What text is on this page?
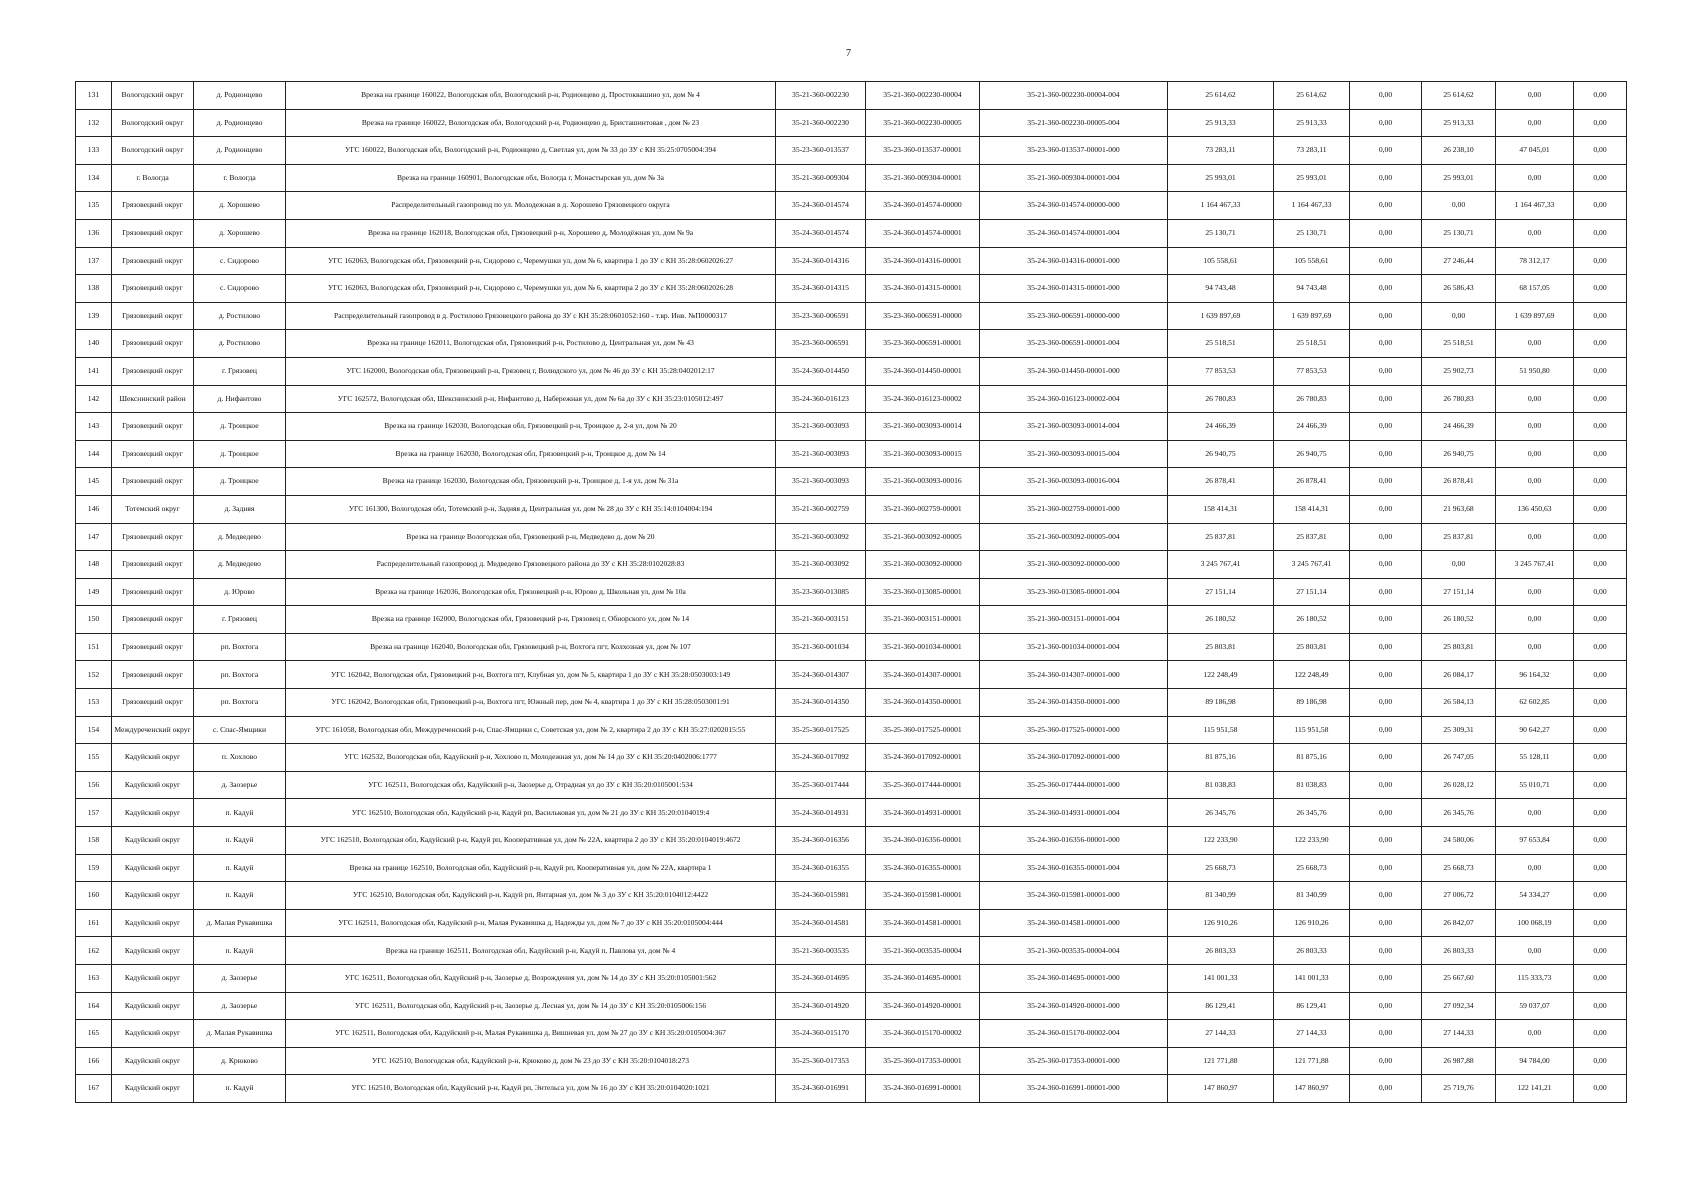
7
131	Вологодский округ	д. Родионцево	Врезка на границе 160022, Вологодская обл, Вологодский р-н, Родионцево д, Простоквашино ул, дом № 4	35-21-360-002230	35-21-360-002230-00004	35-21-360-002230-00004-004	25 614,62	25 614,62	0,00	25 614,62	0,00	0,00
132	Вологодский округ	д. Родионцево	Врезка на границе 160022, Вологодская обл, Вологодский р-н, Родионцево д, Бристашинтовая , дом № 23	35-21-360-002230	35-21-360-002230-00005	35-21-360-002230-00005-004	25 913,33	25 913,33	0,00	25 913,33	0,00	0,00
133	Вологодский округ	д. Родионцево	УГС 160022, Вологодская обл, Вологодский р-н, Родионцево д, Светлая ул, дом № 33 до ЗУ с КН 35:25:0705004:394	35-23-360-013537	35-23-360-013537-00001	35-23-360-013537-00001-000	73 283,11	73 283,11	0,00	26 238,10	47 045,01	0,00
134	г. Вологда	г. Вологда	Врезка на границе 160901, Вологодская обл, Вологда г, Монастырская ул, дом № 3а	35-21-360-009304	35-21-360-009304-00001	35-21-360-009304-00001-004	25 993,01	25 993,01	0,00	25 993,01	0,00	0,00
135	Грязовецкий округ	д. Хорошево	Распределительный газопровод по ул. Молодежная в д. Хорошево Грязовецкого округа	35-24-360-014574	35-24-360-014574-00000	35-24-360-014574-00000-000	1 164 467,33	1 164 467,33	0,00	0,00	1 164 467,33	0,00
136	Грязовецкий округ	д. Хорошево	Врезка на границе 162018, Вологодская обл, Грязовецкий р-н, Хорошево д, Молодёжная ул, дом № 9а	35-24-360-014574	35-24-360-014574-00001	35-24-360-014574-00001-004	25 130,71	25 130,71	0,00	25 130,71	0,00	0,00
137	Грязовецкий округ	с. Сидорово	УГС 162063, Вологодская обл, Грязовецкий р-н, Сидорово с, Черемушки ул, дом № 6, квартира 1 до ЗУ с КН 35:28:0602026:27	35-24-360-014316	35-24-360-014316-00001	35-24-360-014316-00001-000	105 558,61	105 558,61	0,00	27 246,44	78 312,17	0,00
138	Грязовецкий округ	с. Сидорово	УГС 162063, Вологодская обл, Грязовецкий р-н, Сидорово с, Черемушки ул, дом № 6, квартира 2 до ЗУ с КН 35:28:0602026:28	35-24-360-014315	35-24-360-014315-00001	35-24-360-014315-00001-000	94 743,48	94 743,48	0,00	26 586,43	68 157,05	0,00
139	Грязовецкий округ	д. Ростилово	Распределительный газопровод в д. Ростилово Грязовецкого района до ЗУ с КН 35:28:0601052:160 - т.вр. Инв. №П0000317	35-23-360-006591	35-23-360-006591-00000	35-23-360-006591-00000-000	1 639 897,69	1 639 897,69	0,00	0,00	1 639 897,69	0,00
140	Грязовецкий округ	д. Ростилово	Врезка на границе 162011, Вологодская обл, Грязовецкий р-н, Ростилово д, Центральная ул, дом № 43	35-23-360-006591	35-23-360-006591-00001	35-23-360-006591-00001-004	25 518,51	25 518,51	0,00	25 518,51	0,00	0,00
141	Грязовецкий округ	г. Грязовец	УГС 162000, Вологодская обл, Грязовецкий р-н, Грязовец г, Волюдского ул, дом № 46 до ЗУ с КН 35:28:0402012:17	35-24-360-014450	35-24-360-014450-00001	35-24-360-014450-00001-000	77 853,53	77 853,53	0,00	25 902,73	51 950,80	0,00
142	Шекснинский район	д. Нифантово	УГС 162572, Вологодская обл, Шекснинский р-н, Нифантово д, Набережная ул, дом № 6а до ЗУ с КН 35:23:0105012:497	35-24-360-016123	35-24-360-016123-00002	35-24-360-016123-00002-004	26 780,83	26 780,83	0,00	26 780,83	0,00	0,00
143	Грязовецкий округ	д. Троицкое	Врезка на границе 162030, Вологодская обл, Грязовецкий р-н, Троицкое д, 2-я ул, дом № 20	35-21-360-003093	35-21-360-003093-00014	35-21-360-003093-00014-004	24 466,39	24 466,39	0,00	24 466,39	0,00	0,00
144	Грязовецкий округ	д. Троицкое	Врезка на границе 162030, Вологодская обл, Грязовецкий р-н, Троицкое д, дом № 14	35-21-360-003093	35-21-360-003093-00015	35-21-360-003093-00015-004	26 940,75	26 940,75	0,00	26 940,75	0,00	0,00
145	Грязовецкий округ	д. Троицкое	Врезка на границе 162030, Вологодская обл, Грязовецкий р-н, Троицкое д, 1-я ул, дом № 31а	35-21-360-003093	35-21-360-003093-00016	35-21-360-003093-00016-004	26 878,41	26 878,41	0,00	26 878,41	0,00	0,00
146	Тотемский округ	д. Задняя	УГС 161300, Вологодская обл, Тотемский р-н, Задняя д, Центральная ул, дом № 28 до ЗУ с КН 35:14:0104004:194	35-21-360-002759	35-21-360-002759-00001	35-21-360-002759-00001-000	158 414,31	158 414,31	0,00	21 963,68	136 450,63	0,00
147	Грязовецкий округ	д. Медведево	Врезка на границе Вологодская обл, Грязовецкий р-н, Медведево д, дом № 20	35-21-360-003092	35-21-360-003092-00005	35-21-360-003092-00005-004	25 837,81	25 837,81	0,00	25 837,81	0,00	0,00
148	Грязовецкий округ	д. Медведево	Распределительный газопровод д. Медведево Грязовецкого района до ЗУ с КН 35:28:0102028:83	35-21-360-003092	35-21-360-003092-00000	35-21-360-003092-00000-000	3 245 767,41	3 245 767,41	0,00	0,00	3 245 767,41	0,00
149	Грязовецкий округ	д. Юрово	Врезка на границе 162036, Вологодская обл, Грязовецкий р-н, Юрово д, Школьная ул, дом № 10а	35-23-360-013085	35-23-360-013085-00001	35-23-360-013085-00001-004	27 151,14	27 151,14	0,00	27 151,14	0,00	0,00
150	Грязовецкий округ	г. Грязовец	Врезка на границе 162000, Вологодская обл, Грязовецкий р-н, Грязовец г, Обнорского ул, дом № 14	35-21-360-003151	35-21-360-003151-00001	35-21-360-003151-00001-004	26 180,52	26 180,52	0,00	26 180,52	0,00	0,00
151	Грязовецкий округ	рп. Вохтога	Врезка на границе 162040, Вологодская обл, Грязовецкий р-н, Вохтога пгт, Колхозная ул, дом № 107	35-21-360-001034	35-21-360-001034-00001	35-21-360-001034-00001-004	25 803,81	25 803,81	0,00	25 803,81	0,00	0,00
152	Грязовецкий округ	рп. Вохтога	УГС 162042, Вологодская обл, Грязовецкий р-н, Вохтога пгт, Клубная ул, дом № 5, квартира 1 до ЗУ с КН 35:28:0503003:149	35-24-360-014307	35-24-360-014307-00001	35-24-360-014307-00001-000	122 248,49	122 248,49	0,00	26 084,17	96 164,32	0,00
153	Грязовецкий округ	рп. Вохтога	УГС 162042, Вологодская обл, Грязовецкий р-н, Вохтога пгт, Южный пер, дом № 4, квартира 1 до ЗУ с КН 35:28:0503001:91	35-24-360-014350	35-24-360-014350-00001	35-24-360-014350-00001-000	89 186,98	89 186,98	0,00	26 584,13	62 602,85	0,00
154	Междуреченский округ	с. Спас-Ямщики	УГС 161058, Вологодская обл, Междуреченский р-н, Спас-Ямщики с, Советская ул, дом № 2, квартира 2 до ЗУ с КН 35:27:0202015:55	35-25-360-017525	35-25-360-017525-00001	35-25-360-017525-00001-000	115 951,58	115 951,58	0,00	25 309,31	90 642,27	0,00
155	Кадуйский округ	п. Хохлово	УГС 162532, Вологодская обл, Кадуйский р-н, Хохлово п, Молодежная ул, дом № 14 до ЗУ с КН 35:20:0402006:1777	35-24-360-017092	35-24-360-017092-00001	35-24-360-017092-00001-000	81 875,16	81 875,16	0,00	26 747,05	55 128,11	0,00
156	Кадуйский округ	д. Заозерье	УГС 162511, Вологодская обл, Кадуйский р-н, Заозерье д, Отрадная ул до ЗУ с КН 35:20:0105001:534	35-25-360-017444	35-25-360-017444-00001	35-25-360-017444-00001-000	81 038,83	81 038,83	0,00	26 028,12	55 010,71	0,00
157	Кадуйский округ	п. Кадуй	УГС 162510, Вологодская обл, Кадуйский р-н, Кадуй рп, Васильковая ул, дом № 21 до ЗУ с КН 35:20:0104019:4	35-24-360-014931	35-24-360-014931-00001	35-24-360-014931-00001-004	26 345,76	26 345,76	0,00	26 345,76	0,00	0,00
158	Кадуйский округ	п. Кадуй	УГС 162510, Вологодская обл, Кадуйский р-н, Кадуй рп, Кооперативная ул, дом № 22А, квартира 2 до ЗУ с КН 35:20:0104019:4672	35-24-360-016356	35-24-360-016356-00001	35-24-360-016356-00001-000	122 233,90	122 233,90	0,00	24 580,06	97 653,84	0,00
159	Кадуйский округ	п. Кадуй	Врезка на границе 162510, Вологодская обл, Кадуйский р-н, Кадуй рп, Кооперативная ул, дом № 22А, квартира 1	35-24-360-016355	35-24-360-016355-00001	35-24-360-016355-00001-004	25 668,73	25 668,73	0,00	25 668,73	0,00	0,00
160	Кадуйский округ	п. Кадуй	УГС 162510, Вологодская обл, Кадуйский р-н, Кадуй рп, Янтарная ул, дом № 3 до ЗУ с КН 35:20:0104012:4422	35-24-360-015981	35-24-360-015981-00001	35-24-360-015981-00001-000	81 340,99	81 340,99	0,00	27 006,72	54 334,27	0,00
161	Кадуйский округ	д. Малая Рукавишка	УГС 162511, Вологодская обл, Кадуйский р-н, Малая Рукавишка д, Надежды ул, дом № 7 до ЗУ с КН 35:20:0105004:444	35-24-360-014581	35-24-360-014581-00001	35-24-360-014581-00001-000	126 910,26	126 910,26	0,00	26 842,07	100 068,19	0,00
162	Кадуйский округ	п. Кадуй	Врезка на границе 162511, Вологодская обл, Кадуйский р-н, Кадуй п, Павлова ул, дом № 4	35-21-360-003535	35-21-360-003535-00004	35-21-360-003535-00004-004	26 803,33	26 803,33	0,00	26 803,33	0,00	0,00
163	Кадуйский округ	д. Заозерье	УГС 162511, Вологодская обл, Кадуйский р-н, Заозерье д, Возрождения ул, дом № 14 до ЗУ с КН 35:20:0105001:562	35-24-360-014695	35-24-360-014695-00001	35-24-360-014695-00001-000	141 001,33	141 001,33	0,00	25 667,60	115 333,73	0,00
164	Кадуйский округ	д. Заозерье	УГС 162511, Вологодская обл, Кадуйский р-н, Заозерье д, Лесная ул, дом № 14 до ЗУ с КН 35:20:0105006:156	35-24-360-014920	35-24-360-014920-00001	35-24-360-014920-00001-000	86 129,41	86 129,41	0,00	27 092,34	59 037,07	0,00
165	Кадуйский округ	д. Малая Рукавишка	УГС 162511, Вологодская обл, Кадуйский р-н, Малая Рукавишка д, Вишневая ул, дом № 27 до ЗУ с КН 35:20:0105004:367	35-24-360-015170	35-24-360-015170-00002	35-24-360-015170-00002-004	27 144,33	27 144,33	0,00	27 144,33	0,00	0,00
166	Кадуйский округ	д. Крюково	УГС 162510, Вологодская обл, Кадуйский р-н, Крюково д, дом № 23 до ЗУ с КН 35:20:0104018:273	35-25-360-017353	35-25-360-017353-00001	35-25-360-017353-00001-000	121 771,88	121 771,88	0,00	26 987,88	94 784,00	0,00
167	Кадуйский округ	п. Кадуй	УГС 162510, Вологодская обл, Кадуйский р-н, Кадуй рп, Энтельса ул, дом № 16 до ЗУ с КН 35:20:0104020:1021	35-24-360-016991	35-24-360-016991-00001	35-24-360-016991-00001-000	147 860,97	147 860,97	0,00	25 719,76	122 141,21	0,00
